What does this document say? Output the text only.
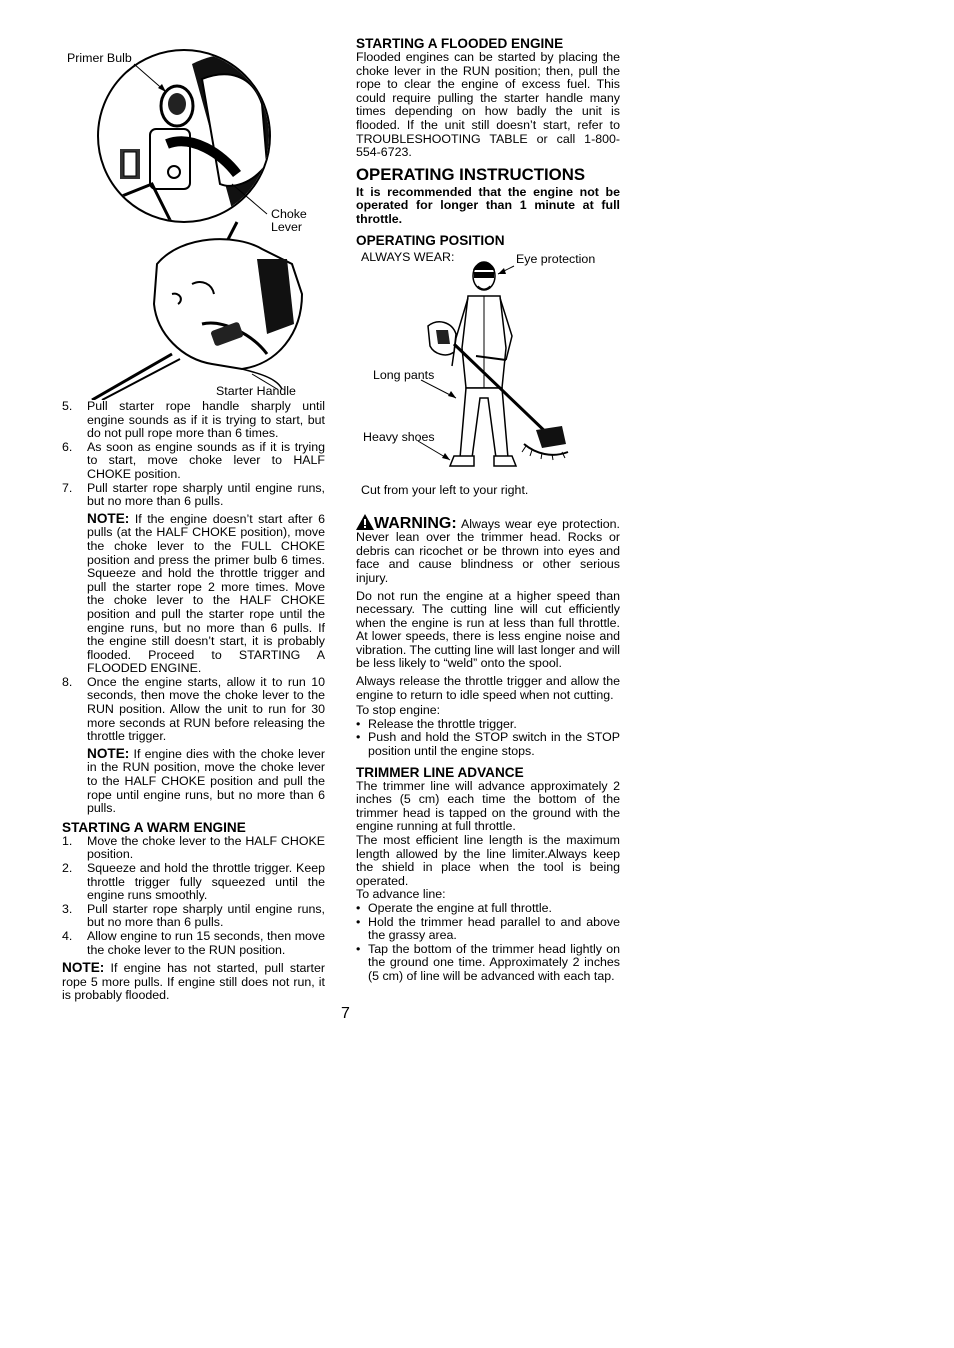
Primer Bulb
Choke
Lever
Starter Handle
5. Pull starter rope handle sharply until engine sounds as if it is trying to start, but do not pull rope more than 6 times.
6. As soon as engine sounds as if it is trying to start, move choke lever to HALF CHOKE position.
7. Pull starter rope sharply until engine runs, but no more than 6 pulls.
NOTE: If the engine doesn’t start after 6 pulls (at the HALF CHOKE position), move the choke lever to the FULL CHOKE position and press the primer bulb 6 times. Squeeze and hold the throttle trigger and pull the starter rope 2 more times. Move the choke lever to the HALF CHOKE position and pull the starter rope until the engine runs, but no more than 6 pulls. If the engine still doesn’t start, it is probably flooded. Proceed to STARTING A FLOODED ENGINE.
8. Once the engine starts, allow it to run 10 seconds, then move the choke lever to the RUN position. Allow the unit to run for 30 more seconds at RUN before releasing the throttle trigger.
NOTE: If engine dies with the choke lever in the RUN position, move the choke lever to the HALF CHOKE position and pull the rope until engine runs, but no more than 6 pulls.
STARTING A WARM ENGINE
1. Move the choke lever to the HALF CHOKE position.
2. Squeeze and hold the throttle trigger. Keep throttle trigger fully squeezed until the engine runs smoothly.
3. Pull starter rope sharply until engine runs, but no more than 6 pulls.
4. Allow engine to run 15 seconds, then move the choke lever to the RUN position.
NOTE: If engine has not started, pull starter rope 5 more pulls. If engine still does not run, it is probably flooded.
STARTING A FLOODED ENGINE

Flooded engines can be started by placing the choke lever in the RUN position; then, pull the rope to clear the engine of excess fuel. This could require pulling the starter handle many times depending on how badly the unit is flooded. If the unit still doesn’t start, refer to TROUBLESHOOTING TABLE or call 1-800-554-6723.

OPERATING INSTRUCTIONS

It is recommended that the engine not be operated for longer than 1 minute at full throttle.

OPERATING POSITION
ALWAYS WEAR:	Eye protection
Long pants
Heavy shoes
Cut from your left to your right.
WARNING: Always wear eye protection. Never lean over the trimmer head. Rocks or debris can ricochet or be thrown into eyes and face and cause blindness or other serious injury.

Do not run the engine at a higher speed than necessary. The cutting line will cut efficiently when the engine is run at less than full throttle. At lower speeds, there is less engine noise and vibration. The cutting line will last longer and will be less likely to “weld” onto the spool.

Always release the throttle trigger and allow the engine to return to idle speed when not cutting.

To stop engine:

• Release the throttle trigger.
• Push and hold the STOP switch in the STOP position until the engine stops.
TRIMMER LINE ADVANCE

The trimmer line will advance approximately 2 inches (5 cm) each time the bottom of the trimmer head is tapped on the ground with the engine running at full throttle.

The most efficient line length is the maximum length allowed by the line limiter.Always keep the shield in place when the tool is being operated.

To advance line:

• Operate the engine at full throttle.
• Hold the trimmer head parallel to and above the grassy area.
• Tap the bottom of the trimmer head lightly on the ground one time. Approximately 2 inches (5 cm) of line will be advanced with each tap.
7
